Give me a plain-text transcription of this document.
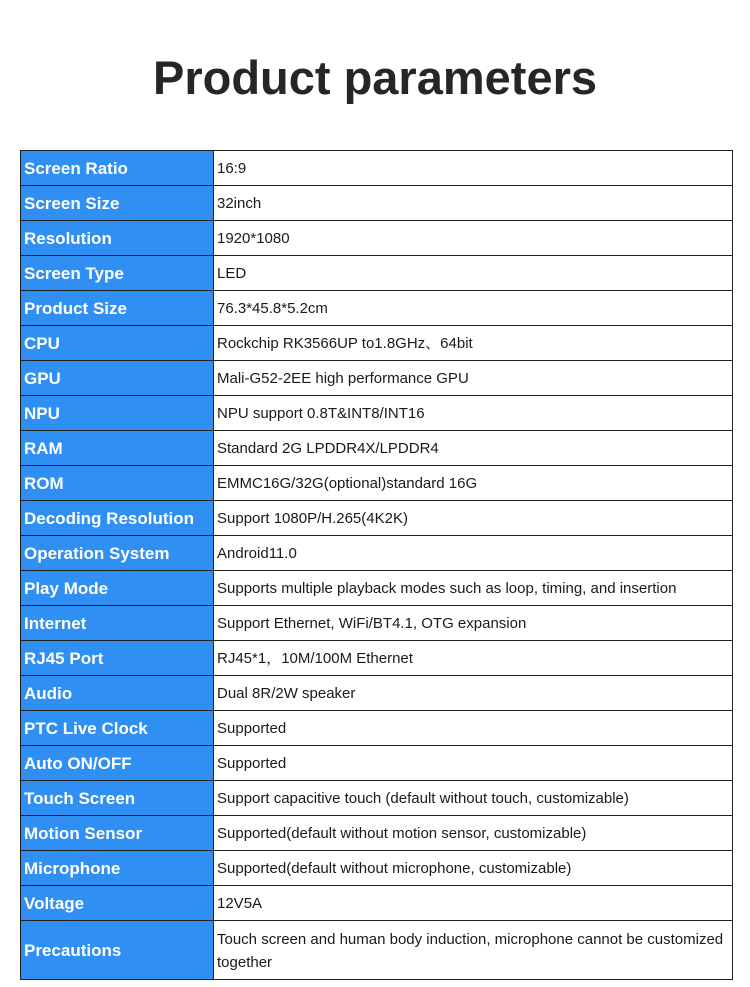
Product parameters
Screen Ratio	16:9
Screen Size	32inch
Resolution	1920*1080
Screen Type	LED
Product Size	76.3*45.8*5.2cm
CPU	Rockchip RK3566UP to1.8GHz、64bit
GPU	Mali-G52-2EE high performance GPU
NPU	NPU support 0.8T&INT8/INT16
RAM	Standard 2G LPDDR4X/LPDDR4
ROM	EMMC16G/32G(optional)standard 16G
Decoding Resolution	Support 1080P/H.265(4K2K)
Operation System	Android11.0
Play Mode	Supports multiple playback modes such as loop, timing, and insertion
Internet	Support Ethernet, WiFi/BT4.1, OTG expansion
RJ45 Port	RJ45*1，10M/100M Ethernet
Audio	Dual 8R/2W speaker
PTC Live Clock	Supported
Auto ON/OFF	Supported
Touch Screen	Support capacitive touch (default without touch, customizable)
Motion Sensor	Supported(default without motion sensor, customizable)
Microphone	Supported(default without microphone, customizable)
Voltage	12V5A
Precautions	Touch screen and human body induction, microphone cannot be customized together
